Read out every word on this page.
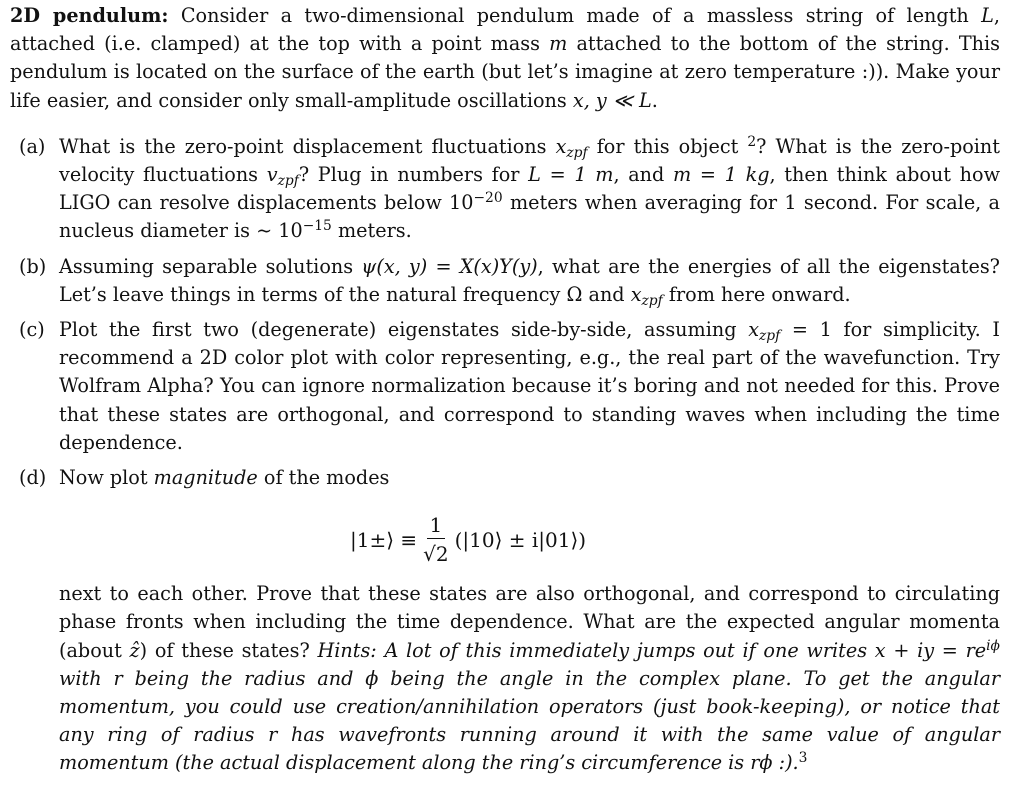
2D pendulum: Consider a two-dimensional pendulum made of a massless string of length L, attached (i.e. clamped) at the top with a point mass m attached to the bottom of the string. This pendulum is located on the surface of the earth (but let’s imagine at zero temperature :)). Make your life easier, and consider only small-amplitude oscillations x, y ≪ L.

(a) What is the zero-point displacement fluctuations $x_{zpf}$ for this object $^2$? What is the zero-point velocity fluctuations $v_{zpf}$? Plug in numbers for L = 1 m, and m = 1 kg, then think about how LIGO can resolve displacements below $10^{-20}$ meters when averaging for 1 second. For scale, a nucleus diameter is ∼ $10^{-15}$ meters.
(b) Assuming separable solutions ψ(x, y) = X(x)Y(y), what are the energies of all the eigenstates? Let’s leave things in terms of the natural frequency Ω and $x_{zpf}$ from here onward.
(c) Plot the first two (degenerate) eigenstates side-by-side, assuming $x_{zpf} = 1$ for simplicity. I recommend a 2D color plot with color representing, e.g., the real part of the wavefunction. Try Wolfram Alpha? You can ignore normalization because it’s boring and not needed for this. Prove that these states are orthogonal, and correspond to standing waves when including the time dependence.
(d) Now plot magnitude of the modes
|1±⟩ ≡ $\frac{1}{√2}$ (|10⟩ ± i|01⟩)

next to each other. Prove that these states are also orthogonal, and correspond to circulating phase fronts when including the time dependence. What are the expected angular momenta (about ẑ) of these states? Hints: A lot of this immediately jumps out if one writes x + iy = $re^{i\phi}$ with r being the radius and ϕ being the angle in the complex plane. To get the angular momentum, you could use creation/annihilation operators (just book-keeping), or notice that any ring of radius r has wavefronts running around it with the same value of angular momentum (the actual displacement along the ring’s circumference is rϕ :).$^3$
